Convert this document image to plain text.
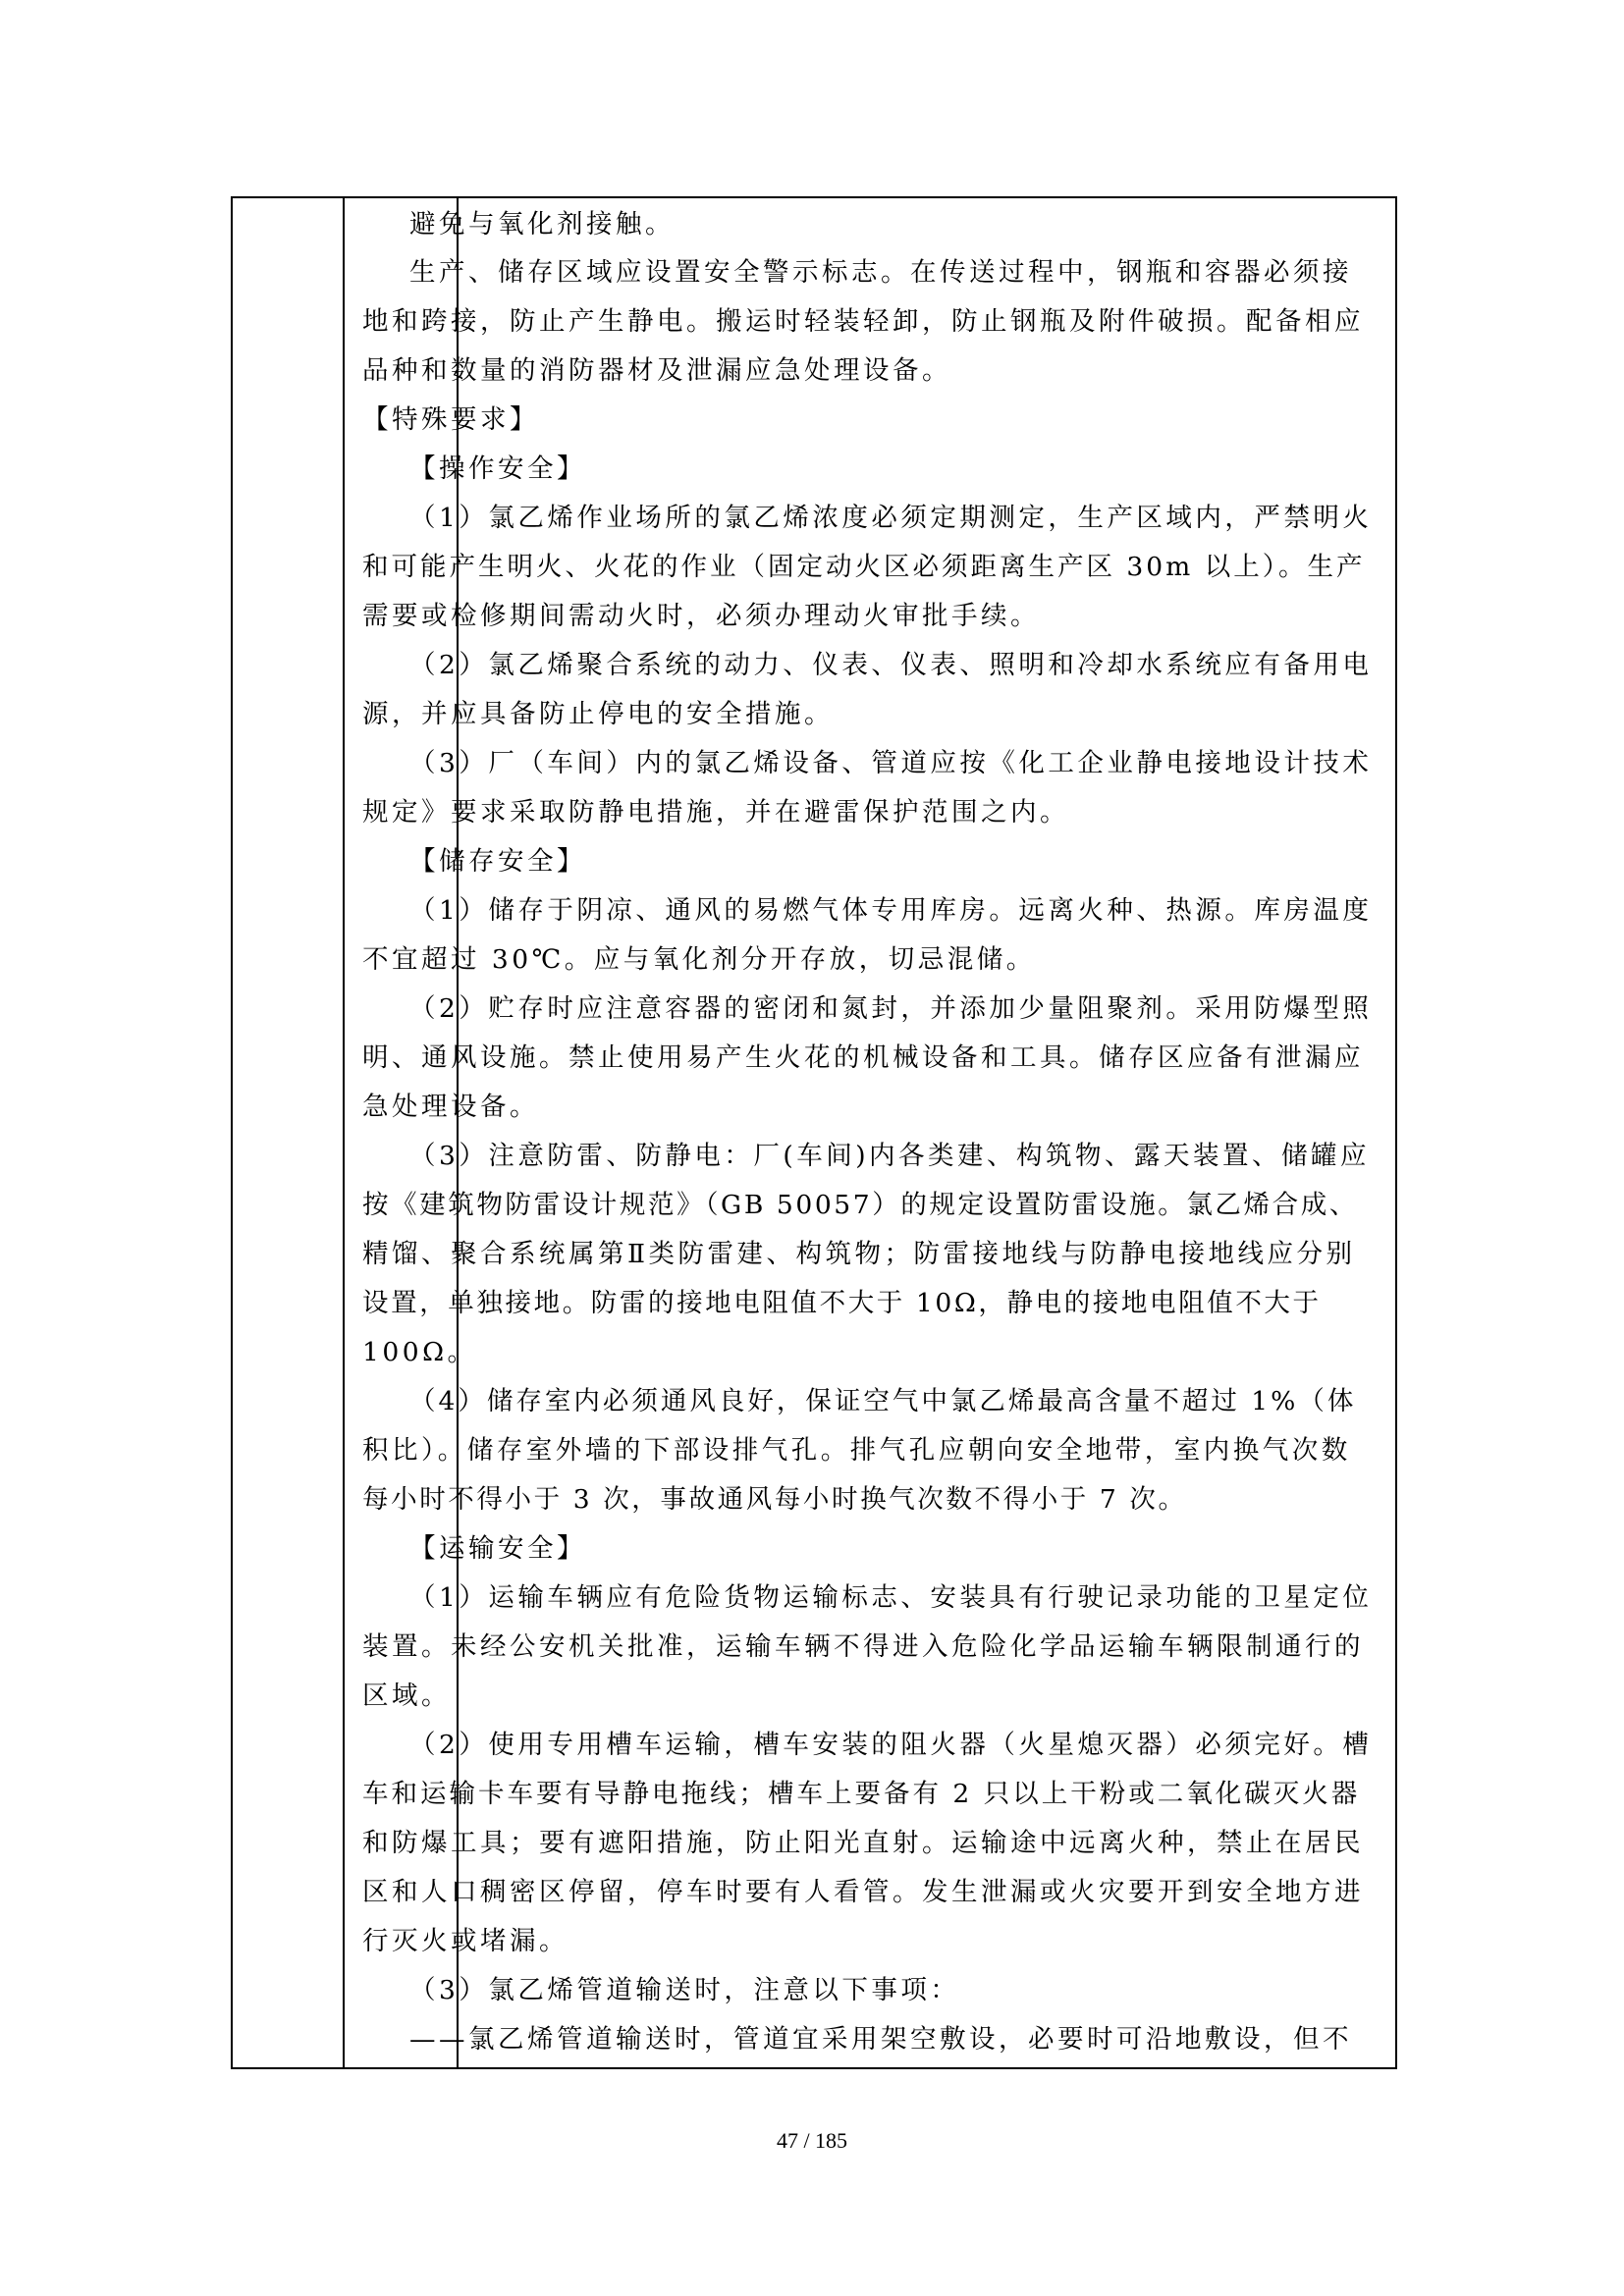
避免与氧化剂接触。
生产、储存区域应设置安全警示标志。在传送过程中，钢瓶和容器必须接
地和跨接，防止产生静电。搬运时轻装轻卸，防止钢瓶及附件破损。配备相应
品种和数量的消防器材及泄漏应急处理设备。
【特殊要求】
【操作安全】
（1）氯乙烯作业场所的氯乙烯浓度必须定期测定，生产区域内，严禁明火
和可能产生明火、火花的作业（固定动火区必须距离生产区 30m 以上）。生产
需要或检修期间需动火时，必须办理动火审批手续。
（2）氯乙烯聚合系统的动力、仪表、仪表、照明和冷却水系统应有备用电
源，并应具备防止停电的安全措施。
（3）厂（车间）内的氯乙烯设备、管道应按《化工企业静电接地设计技术
规定》要求采取防静电措施，并在避雷保护范围之内。
【储存安全】
（1）储存于阴凉、通风的易燃气体专用库房。远离火种、热源。库房温度
不宜超过 30℃。应与氧化剂分开存放，切忌混储。
（2）贮存时应注意容器的密闭和氮封，并添加少量阻聚剂。采用防爆型照
明、通风设施。禁止使用易产生火花的机械设备和工具。储存区应备有泄漏应
急处理设备。
（3）注意防雷、防静电：厂(车间)内各类建、构筑物、露天装置、储罐应
按《建筑物防雷设计规范》（GB 50057）的规定设置防雷设施。氯乙烯合成、
精馏、聚合系统属第Ⅱ类防雷建、构筑物；防雷接地线与防静电接地线应分别
设置，单独接地。防雷的接地电阻值不大于 10Ω，静电的接地电阻值不大于
100Ω。
（4）储存室内必须通风良好，保证空气中氯乙烯最高含量不超过 1%（体
积比）。储存室外墙的下部设排气孔。排气孔应朝向安全地带，室内换气次数
每小时不得小于 3 次，事故通风每小时换气次数不得小于 7 次。
【运输安全】
（1）运输车辆应有危险货物运输标志、安装具有行驶记录功能的卫星定位
装置。未经公安机关批准，运输车辆不得进入危险化学品运输车辆限制通行的
区域。
（2）使用专用槽车运输，槽车安装的阻火器（火星熄灭器）必须完好。槽
车和运输卡车要有导静电拖线；槽车上要备有 2 只以上干粉或二氧化碳灭火器
和防爆工具；要有遮阳措施，防止阳光直射。运输途中远离火种，禁止在居民
区和人口稠密区停留，停车时要有人看管。发生泄漏或火灾要开到安全地方进
行灭火或堵漏。
（3）氯乙烯管道输送时，注意以下事项：
——氯乙烯管道输送时，管道宜采用架空敷设，必要时可沿地敷设，但不
47 / 185
